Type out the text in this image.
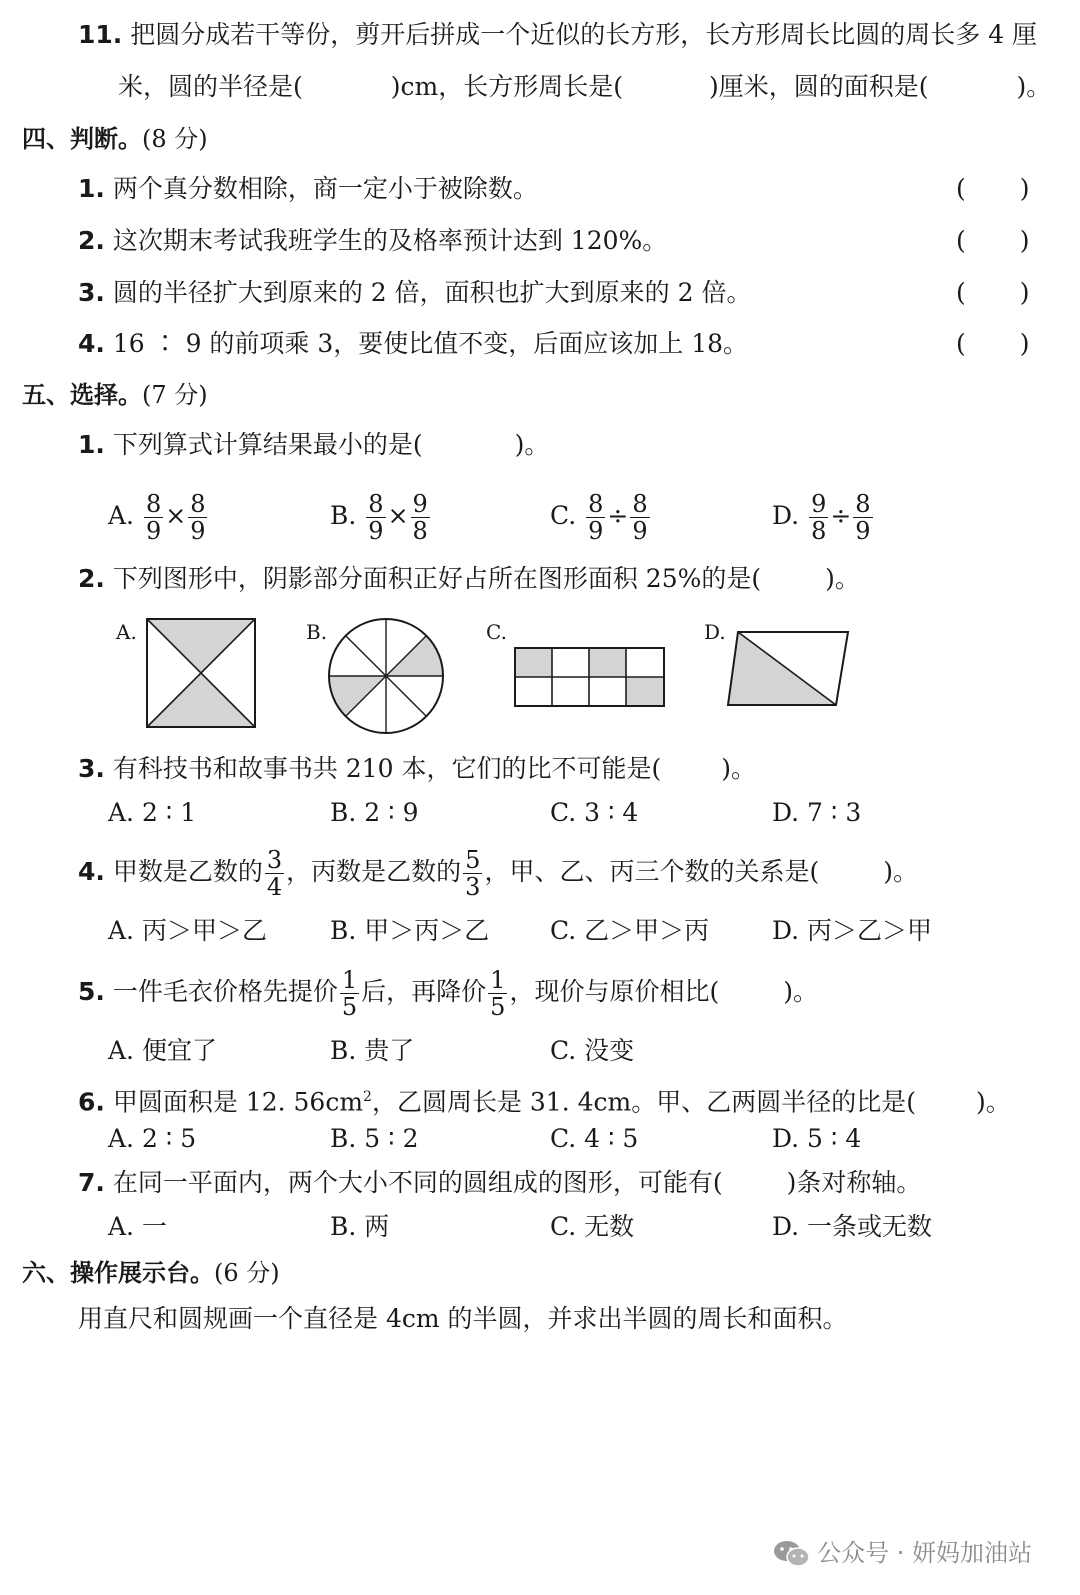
11. 把圆分成若干等份，剪开后拼成一个近似的长方形，长方形周长比圆的周长多 4 厘
米，圆的半径是(	)cm，长方形周长是(	)厘米，圆的面积是(	)。
四、判断。(8 分)
1. 两个真分数相除，商一定小于被除数。	( )
2. 这次期末考试我班学生的及格率预计达到 120%。	( )
3. 圆的半径扩大到原来的 2 倍，面积也扩大到原来的 2 倍。	( )
4. 16 ∶ 9 的前项乘 3，要使比值不变，后面应该加上 18。	( )
五、选择。(7 分)
1. 下列算式计算结果最小的是(	)。
A. $\frac{8}{9} \times \frac{8}{9}$	B. $\frac{8}{9} \times \frac{9}{8}$	C. $\frac{8}{9} \div \frac{8}{9}$	D. $\frac{9}{8} \div \frac{8}{9}$
2. 下列图形中，阴影部分面积正好占所在图形面积 25%的是(	)。
A.	B.	C.	D.
3. 有科技书和故事书共 210 本，它们的比不可能是( )。
A. 2 ∶ 1	B. 2 ∶ 9	C. 3 ∶ 4	D. 7 ∶ 3
4. 甲数是乙数的 $\frac{3}{4}$ ，丙数是乙数的 $\frac{5}{3}$ ，甲、乙、丙三个数的关系是(	)。
A. 丙＞甲＞乙	B. 甲＞丙＞乙 C. 乙＞甲＞丙	D. 丙＞乙＞甲
5. 一件毛衣价格先提价 $\frac{1}{5}$ 后，再降价 $\frac{1}{5}$ ，现价与原价相比(	)。
A. 便宜了	B. 贵了	C. 没变
6. 甲圆面积是 12. $56cm^2$，乙圆周长是 31. 4cm。甲、乙两圆半径的比是( )。
A. 2 ∶ 5	B. 5 ∶ 2	C. 4 ∶ 5	D. 5 ∶ 4
7. 在同一平面内，两个大小不同的圆组成的图形，可能有(	)条对称轴。
A. 一	B. 两	C. 无数	D. 一条或无数
六、操作展示台。(6 分)
用直尺和圆规画一个直径是 4cm 的半圆，并求出半圆的周长和面积。
公众号 · 妍妈加油站
